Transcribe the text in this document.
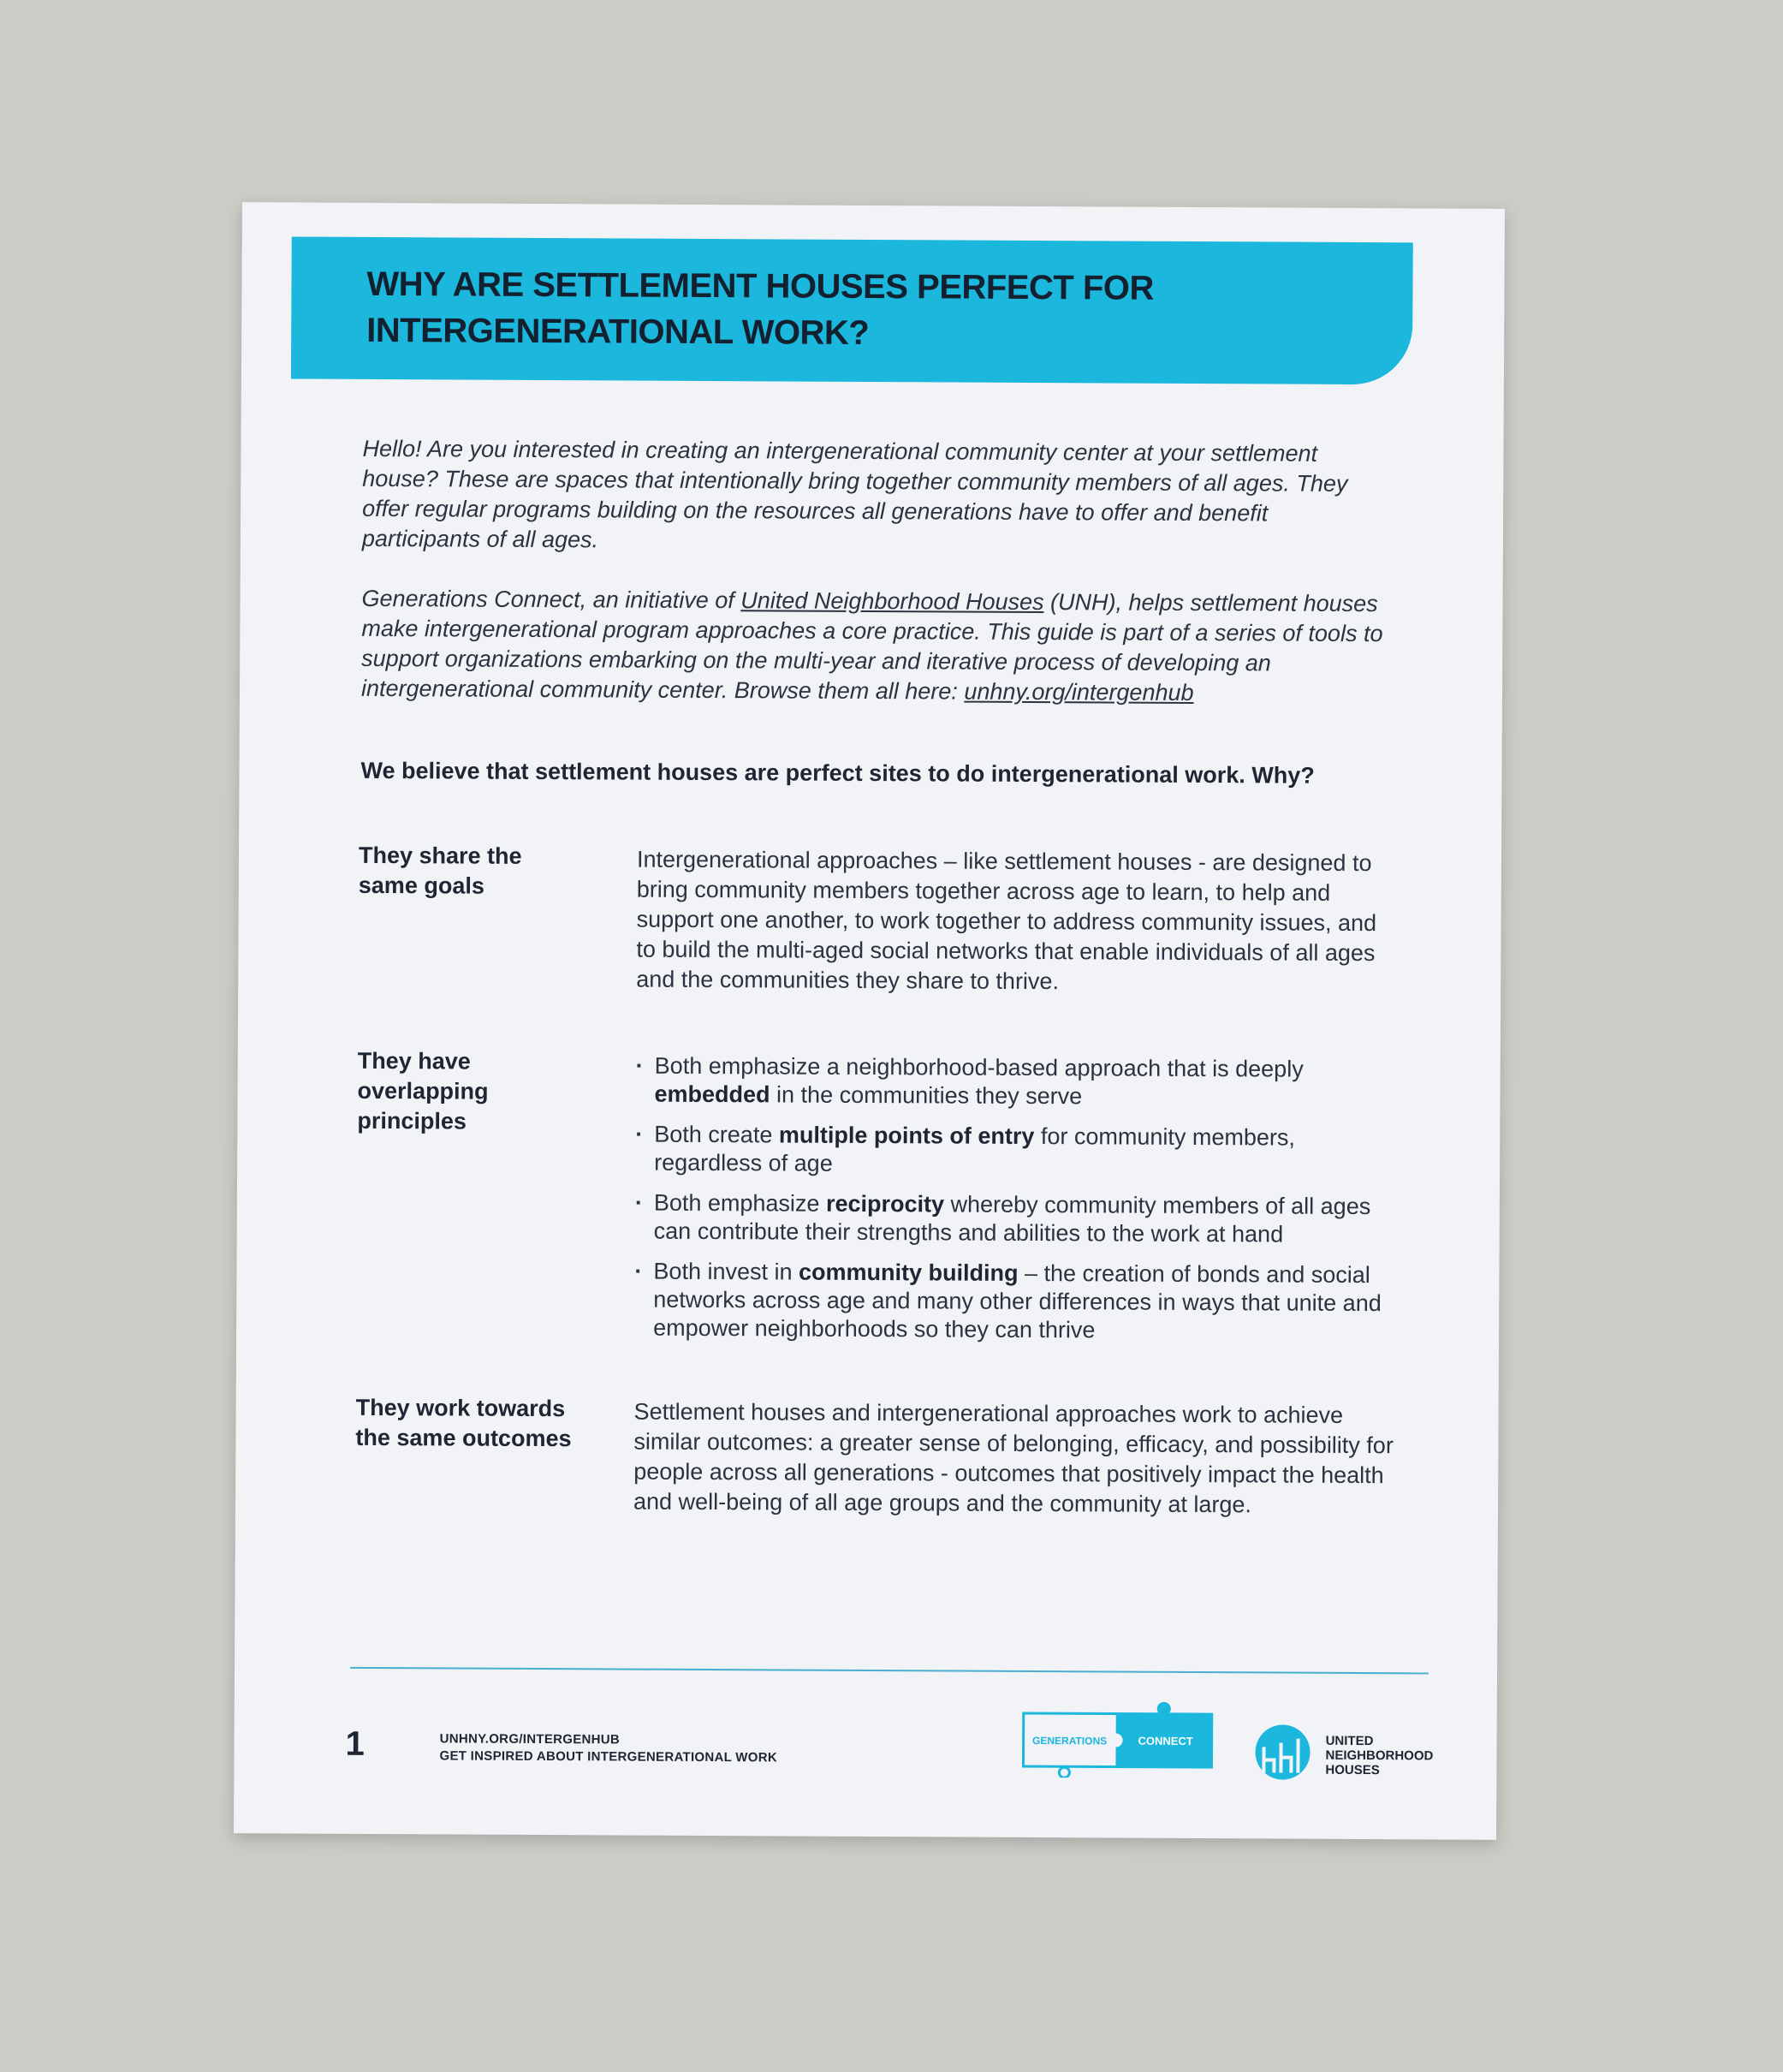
WHY ARE SETTLEMENT HOUSES PERFECT FOR INTERGENERATIONAL WORK?

Hello! Are you interested in creating an intergenerational community center at your settlement house? These are spaces that intentionally bring together community members of all ages. They offer regular programs building on the resources all generations have to offer and benefit participants of all ages.

Generations Connect, an initiative of United Neighborhood Houses (UNH), helps settlement houses make intergenerational program approaches a core practice. This guide is part of a series of tools to support organizations embarking on the multi-year and iterative process of developing an intergenerational community center. Browse them all here: unhny.org/intergenhub

We believe that settlement houses are perfect sites to do intergenerational work. Why?

They share the same goals

Intergenerational approaches – like settlement houses - are designed to bring community members together across age to learn, to help and support one another, to work together to address community issues, and to build the multi-aged social networks that enable individuals of all ages and the communities they share to thrive.

They have overlapping principles

· Both emphasize a neighborhood-based approach that is deeply embedded in the communities they serve
· Both create multiple points of entry for community members, regardless of age
· Both emphasize reciprocity whereby community members of all ages can contribute their strengths and abilities to the work at hand
· Both invest in community building – the creation of bonds and social networks across age and many other differences in ways that unite and empower neighborhoods so they can thrive

They work towards the same outcomes

Settlement houses and intergenerational approaches work to achieve similar outcomes: a greater sense of belonging, efficacy, and possibility for people across all generations - outcomes that positively impact the health and well-being of all age groups and the community at large.

1	UNHNY.ORG/INTERGENHUB
GET INSPIRED ABOUT INTERGENERATIONAL WORK
GENERATIONS	CONNECT	UNITED
NEIGHBORHOOD
HOUSES
